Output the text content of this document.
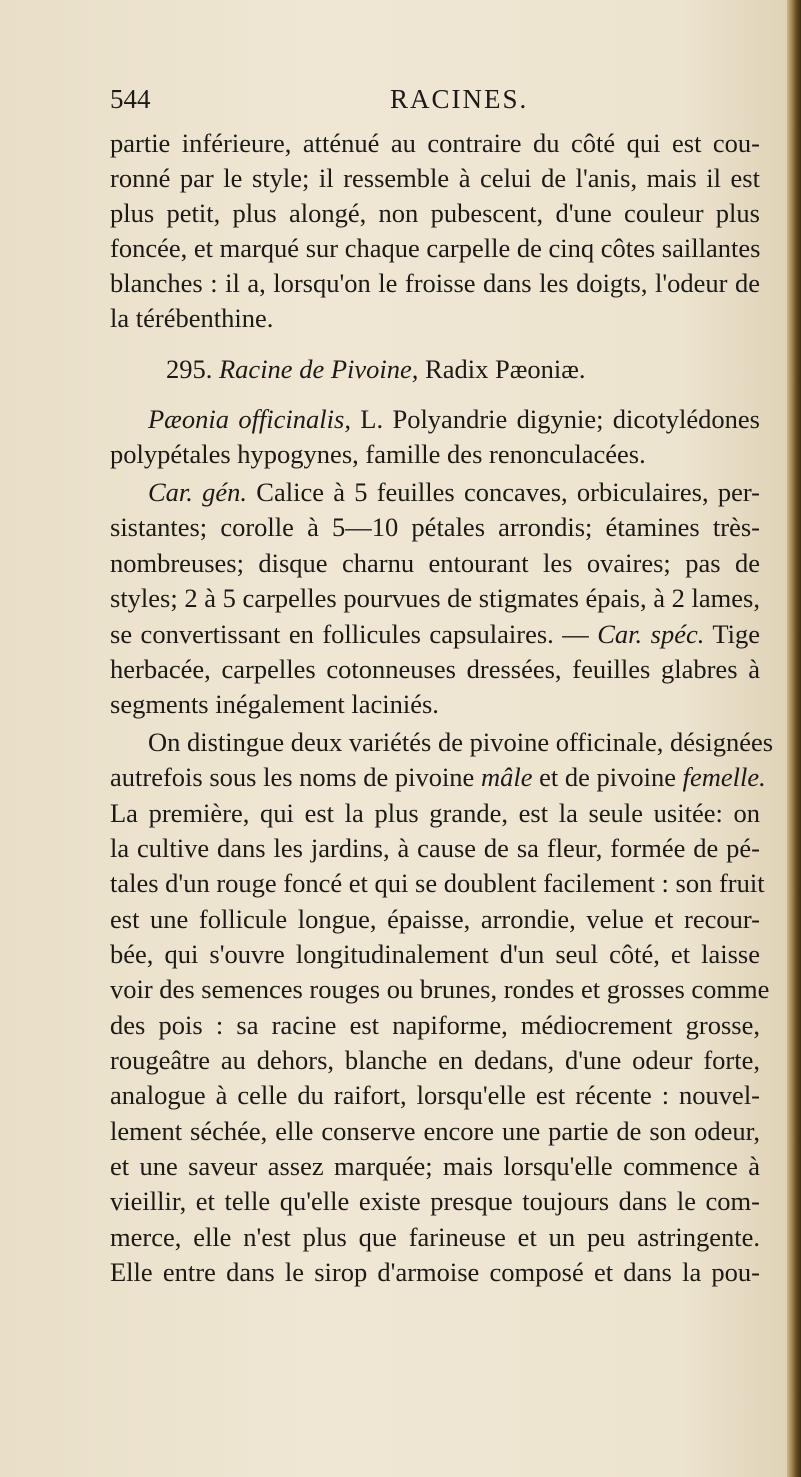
544	RACINES.
partie inférieure, atténué au contraire du côté qui est cou-
ronné par le style; il ressemble à celui de l'anis, mais il est
plus petit, plus alongé, non pubescent, d'une couleur plus
foncée, et marqué sur chaque carpelle de cinq côtes saillantes
blanches : il a, lorsqu'on le froisse dans les doigts, l'odeur de
la térébenthine.
295. Racine de Pivoine, Radix Pæoniæ.
Pæonia officinalis, L. Polyandrie digynie; dicotylédones
polypétales hypogynes, famille des renonculacées.
Car. gén. Calice à 5 feuilles concaves, orbiculaires, per-
sistantes; corolle à 5—10 pétales arrondis; étamines très-
nombreuses; disque charnu entourant les ovaires; pas de
styles; 2 à 5 carpelles pourvues de stigmates épais, à 2 lames,
se convertissant en follicules capsulaires. — Car. spéc. Tige
herbacée, carpelles cotonneuses dressées, feuilles glabres à
segments inégalement laciniés.
On distingue deux variétés de pivoine officinale, désignées
autrefois sous les noms de pivoine mâle et de pivoine femelle.
La première, qui est la plus grande, est la seule usitée: on
la cultive dans les jardins, à cause de sa fleur, formée de pé-
tales d'un rouge foncé et qui se doublent facilement : son fruit
est une follicule longue, épaisse, arrondie, velue et recour-
bée, qui s'ouvre longitudinalement d'un seul côté, et laisse
voir des semences rouges ou brunes, rondes et grosses comme
des pois : sa racine est napiforme, médiocrement grosse,
rougeâtre au dehors, blanche en dedans, d'une odeur forte,
analogue à celle du raifort, lorsqu'elle est récente : nouvel-
lement séchée, elle conserve encore une partie de son odeur,
et une saveur assez marquée; mais lorsqu'elle commence à
vieillir, et telle qu'elle existe presque toujours dans le com-
merce, elle n'est plus que farineuse et un peu astringente.
Elle entre dans le sirop d'armoise composé et dans la pou-
